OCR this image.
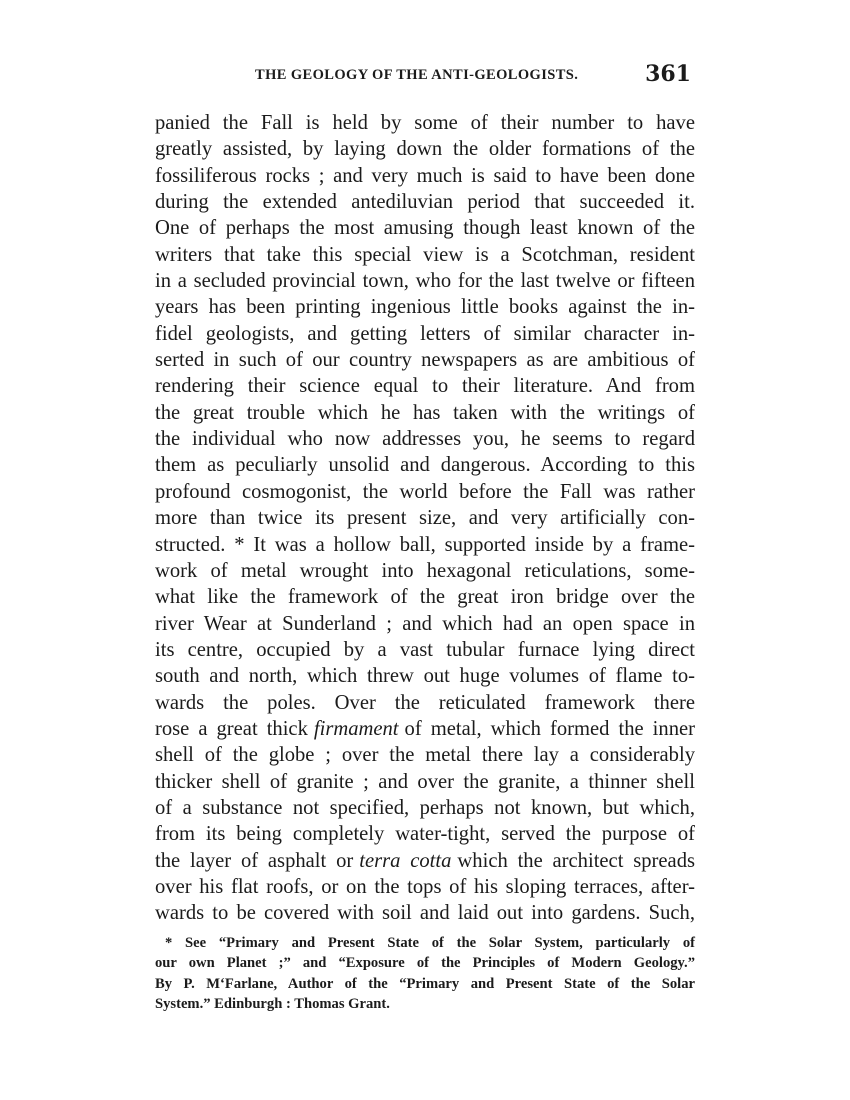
THE GEOLOGY OF THE ANTI-GEOLOGISTS.	361
panied the Fall is held by some of their number to have
greatly assisted, by laying down the older formations of the
fossiliferous rocks ; and very much is said to have been done
during the extended antediluvian period that succeeded it.
One of perhaps the most amusing though least known of the
writers that take this special view is a Scotchman, resident
in a secluded provincial town, who for the last twelve or fifteen
years has been printing ingenious little books against the in-
fidel geologists, and getting letters of similar character in-
serted in such of our country newspapers as are ambitious of
rendering their science equal to their literature. And from
the great trouble which he has taken with the writings of
the individual who now addresses you, he seems to regard
them as peculiarly unsolid and dangerous. According to this
profound cosmogonist, the world before the Fall was rather
more than twice its present size, and very artificially con-
structed. * It was a hollow ball, supported inside by a frame-
work of metal wrought into hexagonal reticulations, some-
what like the framework of the great iron bridge over the
river Wear at Sunderland ; and which had an open space in
its centre, occupied by a vast tubular furnace lying direct
south and north, which threw out huge volumes of flame to-
wards the poles. Over the reticulated framework there
rose a great thick firmament of metal, which formed the inner
shell of the globe ; over the metal there lay a considerably
thicker shell of granite ; and over the granite, a thinner shell
of a substance not specified, perhaps not known, but which,
from its being completely water-tight, served the purpose of
the layer of asphalt or terra cotta which the architect spreads
over his flat roofs, or on the tops of his sloping terraces, after-
wards to be covered with soil and laid out into gardens. Such,
* See “Primary and Present State of the Solar System, particularly of
our own Planet ;” and “Exposure of the Principles of Modern Geology.”
By P. M‘Farlane, Author of the “Primary and Present State of the Solar
System.” Edinburgh : Thomas Grant.
